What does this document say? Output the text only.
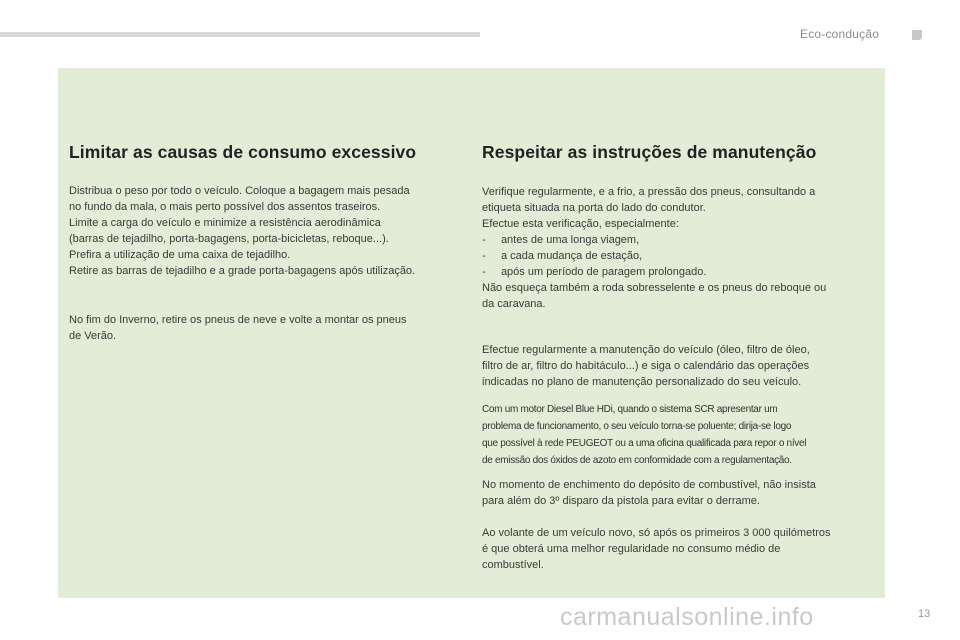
Eco-condução
Limitar as causas de consumo excessivo
Distribua o peso por todo o veículo. Coloque a bagagem mais pesada
no fundo da mala, o mais perto possível dos assentos traseiros.
Limite a carga do veículo e minimize a resistência aerodinâmica
(barras de tejadilho, porta-bagagens, porta-bicicletas, reboque...).
Prefira a utilização de uma caixa de tejadilho.
Retire as barras de tejadilho e a grade porta-bagagens após utilização.
No fim do Inverno, retire os pneus de neve e volte a montar os pneus
de Verão.
Respeitar as instruções de manutenção
Verifique regularmente, e a frio, a pressão dos pneus, consultando a
etiqueta situada na porta do lado do condutor.
Efectue esta verificação, especialmente:
-     antes de uma longa viagem,
-     a cada mudança de estação,
-     após um período de paragem prolongado.
Não esqueça também a roda sobresselente e os pneus do reboque ou
da caravana.
Efectue regularmente a manutenção do veículo (óleo, filtro de óleo,
filtro de ar, filtro do habitáculo...) e siga o calendário das operações
indicadas no plano de manutenção personalizado do seu veículo.
Com um motor Diesel Blue HDi, quando o sistema SCR apresentar um
problema de funcionamento, o seu veículo torna-se poluente; dirija-se logo
que possível à rede PEUGEOT ou a uma oficina qualificada para repor o nível
de emissão dos óxidos de azoto em conformidade com a regulamentação.
No momento de enchimento do depósito de combustível, não insista
para além do 3º disparo da pistola para evitar o derrame.
Ao volante de um veículo novo, só após os primeiros 3 000 quilómetros
é que obterá uma melhor regularidade no consumo médio de
combustível.
carmanualsonline.info	13
